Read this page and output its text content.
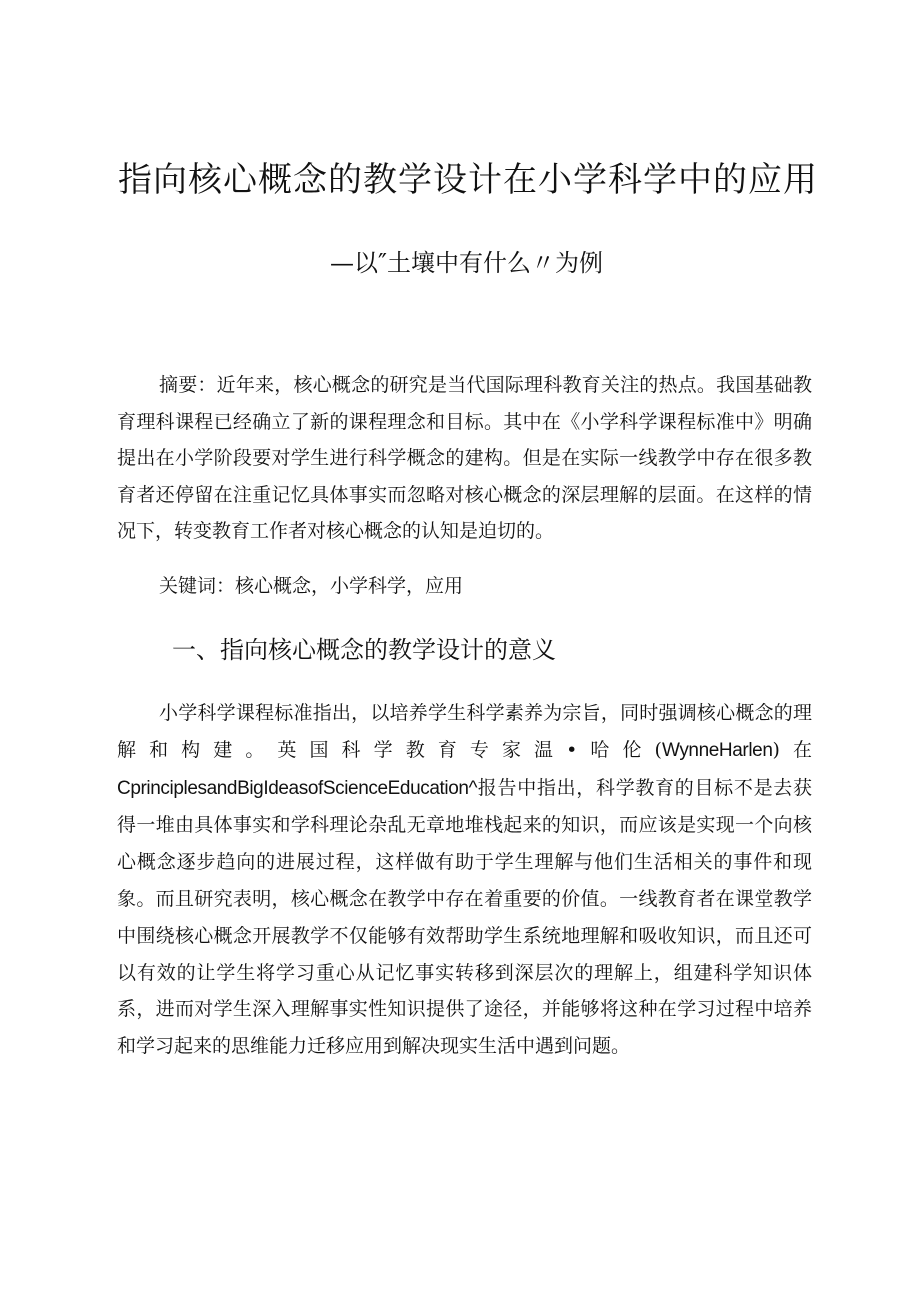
指向核心概念的教学设计在小学科学中的应用

—以″土壤中有什么〃为例

摘要：近年来，核心概念的研究是当代国际理科教育关注的热点。我国基础教育理科课程已经确立了新的课程理念和目标。其中在《小学科学课程标准中》明确提出在小学阶段要对学生进行科学概念的建构。但是在实际一线教学中存在很多教育者还停留在注重记忆具体事实而忽略对核心概念的深层理解的层面。在这样的情况下，转变教育工作者对核心概念的认知是迫切的。

关键词：核心概念，小学科学，应用

一、指向核心概念的教学设计的意义

小学科学课程标准指出，以培养学生科学素养为宗旨，同时强调核心概念的理解和构建。英国科学教育专家温•哈伦(WynneHarlen)在CprinciplesandBigIdeasofScienceEducation^报告中指出，科学教育的目标不是去获得一堆由具体事实和学科理论杂乱无章地堆栈起来的知识，而应该是实现一个向核心概念逐步趋向的进展过程，这样做有助于学生理解与他们生活相关的事件和现象。而且研究表明，核心概念在教学中存在着重要的价值。一线教育者在课堂教学中围绕核心概念开展教学不仅能够有效帮助学生系统地理解和吸收知识，而且还可以有效的让学生将学习重心从记忆事实转移到深层次的理解上，组建科学知识体系，进而对学生深入理解事实性知识提供了途径，并能够将这种在学习过程中培养和学习起来的思维能力迁移应用到解决现实生活中遇到问题。
